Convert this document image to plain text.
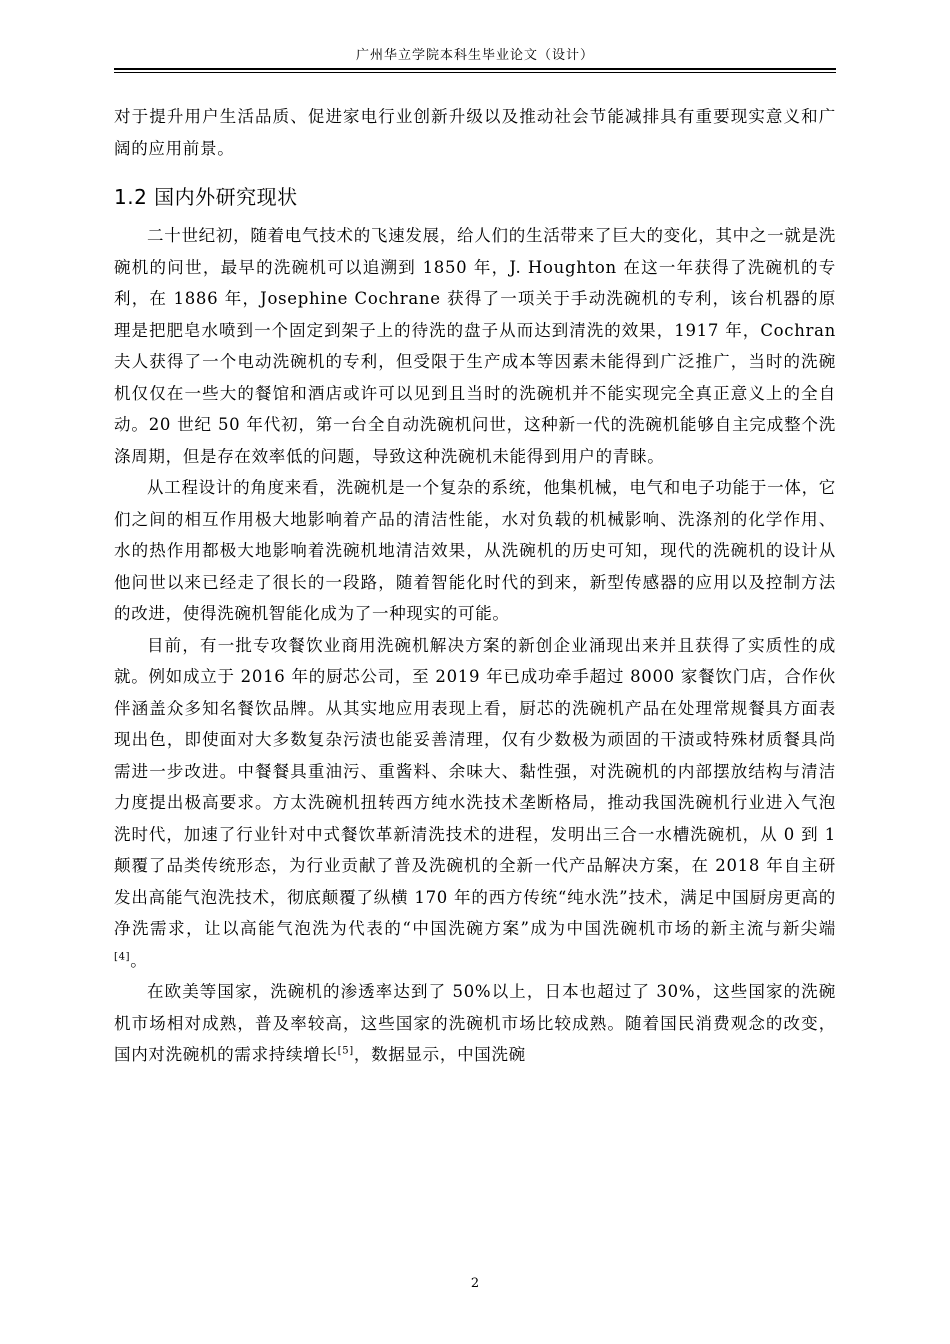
广州华立学院本科生毕业论文（设计）

对于提升用户生活品质、促进家电行业创新升级以及推动社会节能减排具有重要现实意义和广阔的应用前景。

1.2 国内外研究现状

二十世纪初，随着电气技术的飞速发展，给人们的生活带来了巨大的变化，其中之一就是洗碗机的问世，最早的洗碗机可以追溯到 1850 年，J. Houghton 在这一年获得了洗碗机的专利，在 1886 年，Josephine Cochrane 获得了一项关于手动洗碗机的专利，该台机器的原理是把肥皂水喷到一个固定到架子上的待洗的盘子从而达到清洗的效果，1917 年，Cochran 夫人获得了一个电动洗碗机的专利，但受限于生产成本等因素未能得到广泛推广，当时的洗碗机仅仅在一些大的餐馆和酒店或许可以见到且当时的洗碗机并不能实现完全真正意义上的全自动。20 世纪 50 年代初，第一台全自动洗碗机问世，这种新一代的洗碗机能够自主完成整个洗涤周期，但是存在效率低的问题，导致这种洗碗机未能得到用户的青睐。

从工程设计的角度来看，洗碗机是一个复杂的系统，他集机械，电气和电子功能于一体，它们之间的相互作用极大地影响着产品的清洁性能，水对负载的机械影响、洗涤剂的化学作用、水的热作用都极大地影响着洗碗机地清洁效果，从洗碗机的历史可知，现代的洗碗机的设计从他问世以来已经走了很长的一段路，随着智能化时代的到来，新型传感器的应用以及控制方法的改进，使得洗碗机智能化成为了一种现实的可能。

目前，有一批专攻餐饮业商用洗碗机解决方案的新创企业涌现出来并且获得了实质性的成就。例如成立于 2016 年的厨芯公司，至 2019 年已成功牵手超过 8000 家餐饮门店，合作伙伴涵盖众多知名餐饮品牌。从其实地应用表现上看，厨芯的洗碗机产品在处理常规餐具方面表现出色，即使面对大多数复杂污渍也能妥善清理，仅有少数极为顽固的干渍或特殊材质餐具尚需进一步改进。中餐餐具重油污、重酱料、余味大、黏性强，对洗碗机的内部摆放结构与清洁力度提出极高要求。方太洗碗机扭转西方纯水洗技术垄断格局，推动我国洗碗机行业进入气泡洗时代，加速了行业针对中式餐饮革新清洗技术的进程，发明出三合一水槽洗碗机，从 0 到 1 颠覆了品类传统形态，为行业贡献了普及洗碗机的全新一代产品解决方案，在 2018 年自主研发出高能气泡洗技术，彻底颠覆了纵横 170 年的西方传统“纯水洗”技术，满足中国厨房更高的净洗需求，让以高能气泡洗为代表的“中国洗碗方案”成为中国洗碗机市场的新主流与新尖端[4]。

在欧美等国家，洗碗机的渗透率达到了 50%以上，日本也超过了 30%，这些国家的洗碗机市场相对成熟，普及率较高，这些国家的洗碗机市场比较成熟。随着国民消费观念的改变，国内对洗碗机的需求持续增长[5]，数据显示，中国洗碗

2
